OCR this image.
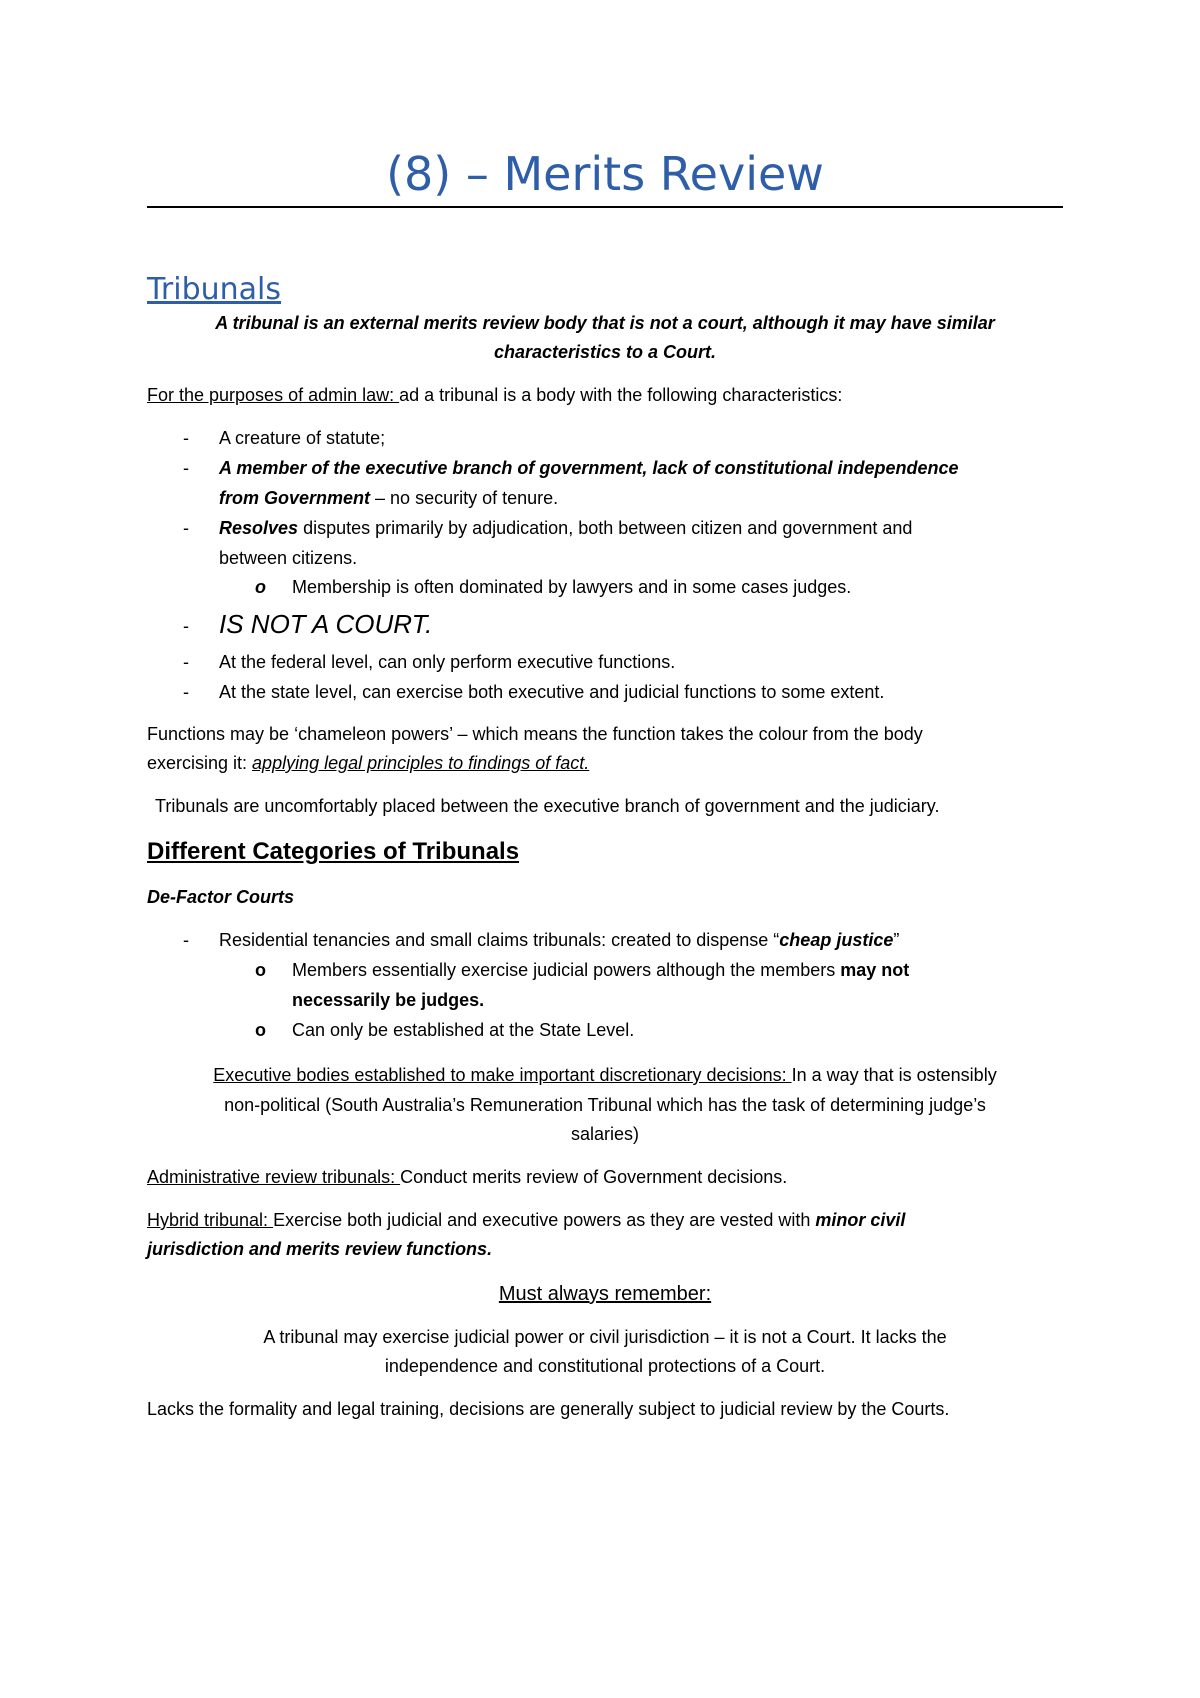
(8) – Merits Review
Tribunals
A tribunal is an external merits review body that is not a court, although it may have similar
characteristics to a Court.
For the purposes of admin law: ad a tribunal is a body with the following characteristics:
- A creature of statute;
- A member of the executive branch of government, lack of constitutional independence
from Government – no security of tenure.
- Resolves disputes primarily by adjudication, both between citizen and government and
between citizens.
o Membership is often dominated by lawyers and in some cases judges.
- IS NOT A COURT.
- At the federal level, can only perform executive functions.
- At the state level, can exercise both executive and judicial functions to some extent.
Functions may be ‘chameleon powers’ – which means the function takes the colour from the body
exercising it: applying legal principles to findings of fact.
Tribunals are uncomfortably placed between the executive branch of government and the judiciary.
Different Categories of Tribunals
De-Factor Courts
- Residential tenancies and small claims tribunals: created to dispense “cheap justice”
o Members essentially exercise judicial powers although the members may not
necessarily be judges.
o Can only be established at the State Level.
Executive bodies established to make important discretionary decisions: In a way that is ostensibly
non-political (South Australia’s Remuneration Tribunal which has the task of determining judge’s
salaries)
Administrative review tribunals: Conduct merits review of Government decisions.
Hybrid tribunal: Exercise both judicial and executive powers as they are vested with minor civil
jurisdiction and merits review functions.
Must always remember:
A tribunal may exercise judicial power or civil jurisdiction – it is not a Court. It lacks the
independence and constitutional protections of a Court.
Lacks the formality and legal training, decisions are generally subject to judicial review by the Courts.
